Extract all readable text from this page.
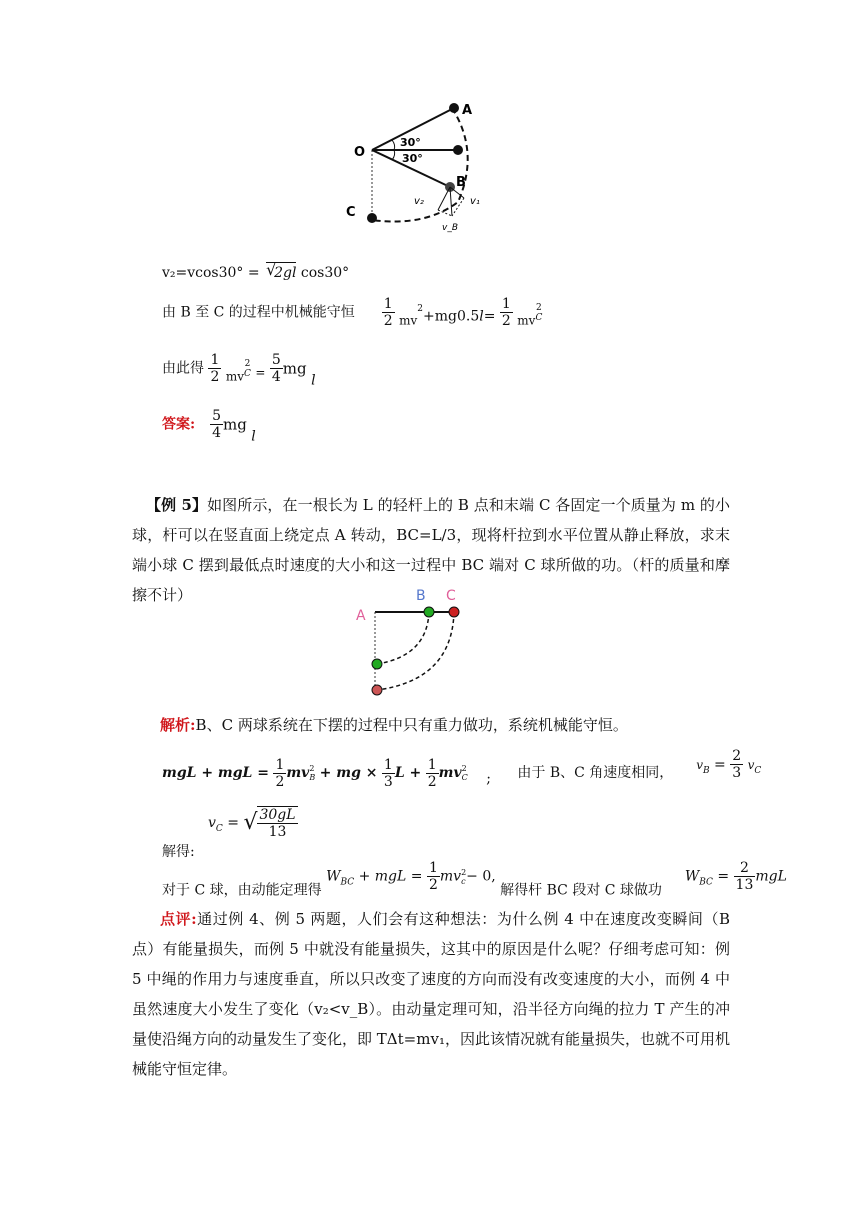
A
O
B
C
30°
30°
v₂	v₁
v_B
v₂=vcos30° = √
2gl cos30°
由 B 至 C 的过程中机械能守恒 $\frac{1}{2} mv^2+mg0.5l= \frac{1}{2}$ mv
2
C
由此得 $\frac{1}{2}$ mv
2
$C = \frac{5}{4}$ mg l
答案: $\frac{5}{4}$ mg l
【例 5】如图所示，在一根长为 L 的轻杆上的 B 点和末端 C 各固定一个质量为 m 的小球，杆可以在竖直面上绕定点 A 转动，BC=L/3，现将杆拉到水平位置从静止释放，求末端小球 C 摆到最低点时速度的大小和这一过程中 BC 端对 C 球所做的功。（杆的质量和摩擦不计）
A
B C
解析:B、C 两球系统在下摆的过程中只有重力做功，系统机械能守恒。
mgL + mgL = $\frac{1}{2}$ mv 2
B + mg × $\frac{1}{3}$ $L + \frac{1}{2}$ mv 2
C ; 由于 B、C 角速度相同， $v_B = \frac{2}{3} v_C$
$v_C$ = √ $\frac{30gL}{13}$
解得:
对于 C 球，由动能定理得 $W_{BC}$ + mgL = $\frac{1}{2}$ mv 2
c − 0, 解得杆 BC 段对 C 球做功  $W_{BC} = \frac{2}{13}$ mgL
点评:通过例 4、例 5 两题，人们会有这种想法：为什么例 4 中在速度改变瞬间（B 点）有能量损失，而例 5 中就没有能量损失，这其中的原因是什么呢？仔细考虑可知：例 5 中绳的作用力与速度垂直，所以只改变了速度的方向而没有改变速度的大小，而例 4 中虽然速度大小发生了变化（v₂<v_B）。由动量定理可知，沿半径方向绳的拉力 T 产生的冲量使沿绳方向的动量发生了变化，即 TΔt=mv₁，因此该情况就有能量损失，也就不可用机械能守恒定律。
